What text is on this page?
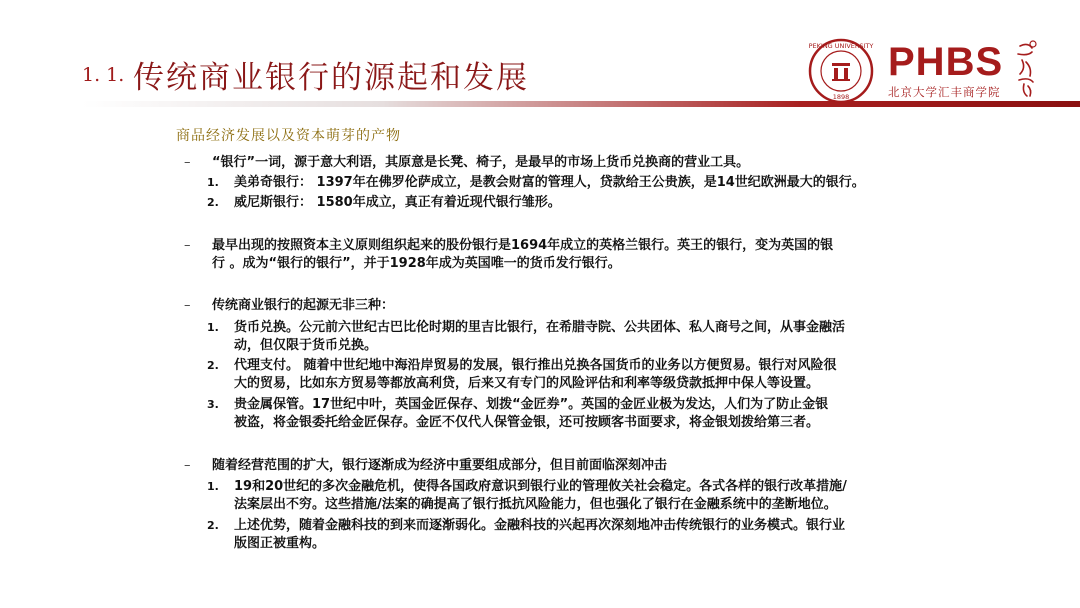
1. 1. 传统商业银行的源起和发展
PEKING UNIVERSITY
1898
PHBS
北京大学汇丰商学院
商品经济发展以及资本萌芽的产物
– “银行”一词，源于意大利语，其原意是长凳、椅子，是最早的市场上货币兑换商的营业工具。
1. 美弟奇银行： 1397年在佛罗伦萨成立，是教会财富的管理人，贷款给王公贵族，是14世纪欧洲最大的银行。
2. 威尼斯银行： 1580年成立，真正有着近现代银行雏形。
– 最早出现的按照资本主义原则组织起来的股份银行是1694年成立的英格兰银行。英王的银行，变为英国的银
行 。成为“银行的银行”，并于1928年成为英国唯一的货币发行银行。
– 传统商业银行的起源无非三种：
1. 货币兑换。公元前六世纪古巴比伦时期的里吉比银行，在希腊寺院、公共团体、私人商号之间，从事金融活
动，但仅限于货币兑换。
2. 代理支付。 随着中世纪地中海沿岸贸易的发展，银行推出兑换各国货币的业务以方便贸易。银行对风险很
大的贸易，比如东方贸易等都放高利贷，后来又有专门的风险评估和利率等级贷款抵押中保人等设置。
3. 贵金属保管。17世纪中叶，英国金匠保存、划拨“金匠券”。英国的金匠业极为发达，人们为了防止金银
被盗，将金银委托给金匠保存。金匠不仅代人保管金银，还可按顾客书面要求，将金银划拨给第三者。
– 随着经营范围的扩大，银行逐渐成为经济中重要组成部分，但目前面临深刻冲击
1. 19和20世纪的多次金融危机，使得各国政府意识到银行业的管理攸关社会稳定。各式各样的银行改革措施/
法案层出不穷。这些措施/法案的确提高了银行抵抗风险能力，但也强化了银行在金融系统中的垄断地位。
2. 上述优势，随着金融科技的到来而逐渐弱化。金融科技的兴起再次深刻地冲击传统银行的业务模式。银行业
版图正被重构。
